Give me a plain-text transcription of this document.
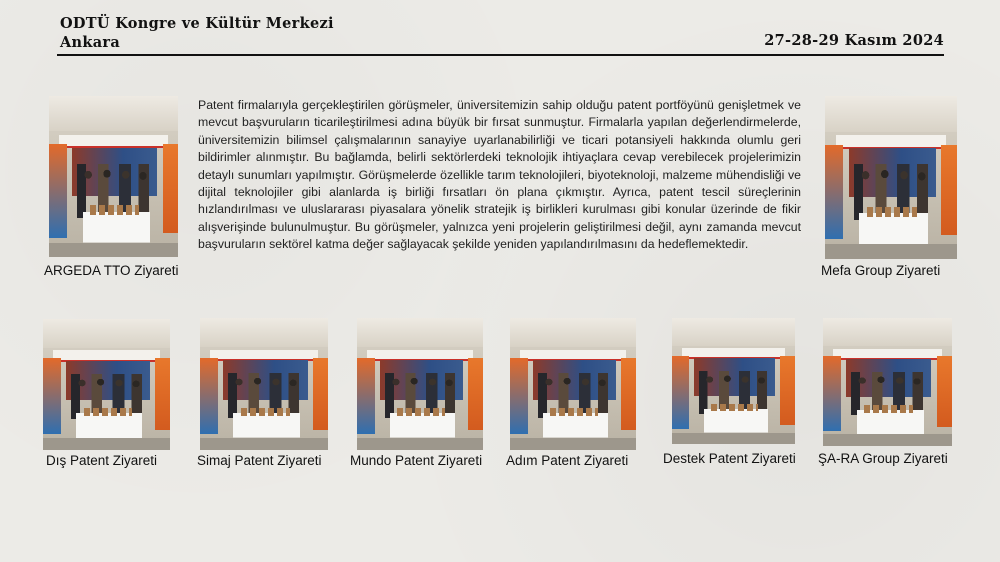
ODTÜ Kongre ve Kültür Merkezi
Ankara	27-28-29 Kasım 2024
Patent firmalarıyla gerçekleştirilen görüşmeler, üniversitemizin sahip olduğu patent portföyünü genişletmek ve mevcut başvuruların ticarileştirilmesi adına büyük bir fırsat sunmuştur. Firmalarla yapılan değerlendirmelerde, üniversitemizin bilimsel çalışmalarının sanayiye uyarlanabilirliği ve ticari potansiyeli hakkında olumlu geri bildirimler alınmıştır. Bu bağlamda, belirli sektörlerdeki teknolojik ihtiyaçlara cevap verebilecek projelerimizin detaylı sunumları yapılmıştır. Görüşmelerde özellikle tarım teknolojileri, biyoteknoloji, malzeme mühendisliği ve dijital teknolojiler gibi alanlarda iş birliği fırsatları ön plana çıkmıştır. Ayrıca, patent tescil süreçlerinin hızlandırılması ve uluslararası piyasalara yönelik stratejik iş birlikleri kurulması gibi konular üzerinde de fikir alışverişinde bulunulmuştur. Bu görüşmeler, yalnızca yeni projelerin geliştirilmesi değil, aynı zamanda mevcut başvuruların sektörel katma değer sağlayacak şekilde yeniden yapılandırılmasını da hedeflemektedir.
ARGEDA TTO Ziyareti	Mefa Group Ziyareti
Dış Patent Ziyareti	Simaj Patent Ziyareti Mundo Patent Ziyareti Adım Patent Ziyareti	Destek Patent Ziyareti ŞA-RA Group Ziyareti
